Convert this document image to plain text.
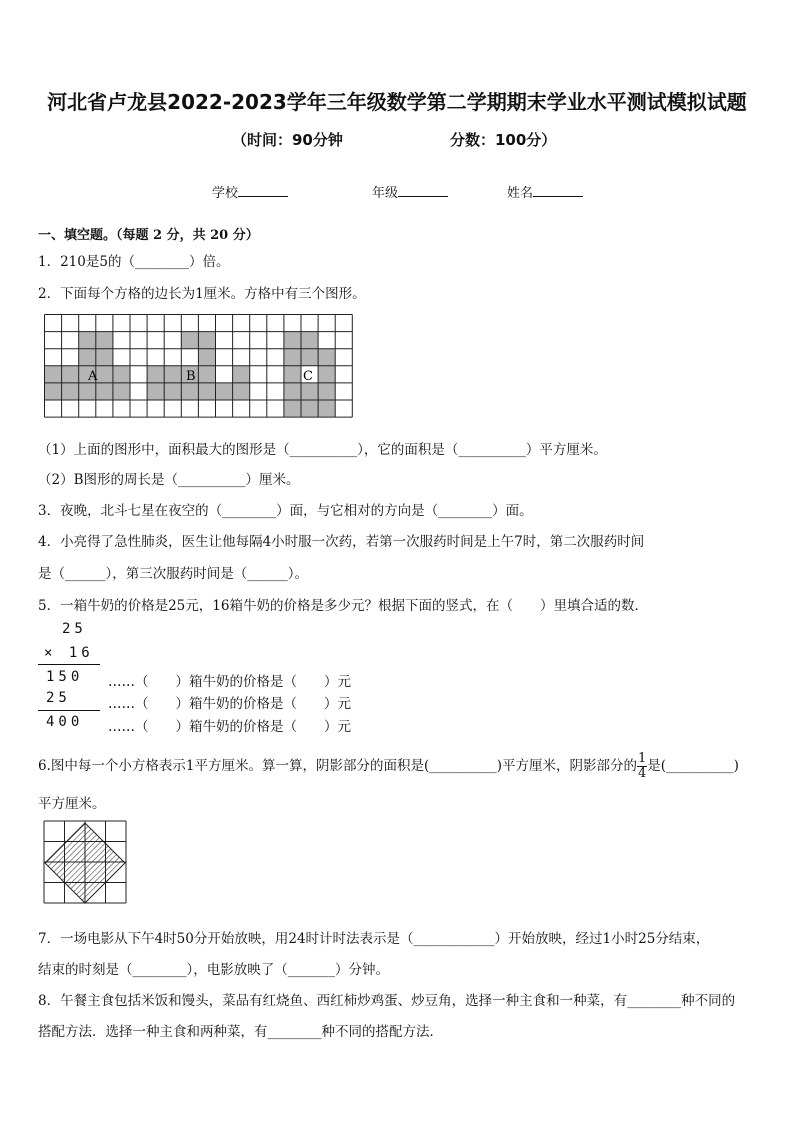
河北省卢龙县2022-2023学年三年级数学第二学期期末学业水平测试模拟试题
（时间：90分钟	分数：100分）
学校	年级	姓名
一、填空题。（每题 2 分，共 20 分）
1．210是5的（________）倍。
2．下面每个方格的边长为1厘米。方格中有三个图形。
A	B	C
（1）上面的图形中，面积最大的图形是（__________），它的面积是（__________）平方厘米。
（2）B图形的周长是（__________）厘米。
3．夜晚，北斗七星在夜空的（________）面，与它相对的方向是（________）面。
4．小亮得了急性肺炎，医生让他每隔4小时服一次药，若第一次服药时间是上午7时，第二次服药时间
是（______），第三次服药时间是（______）。
5．一箱牛奶的价格是25元，16箱牛奶的价格是多少元？根据下面的竖式，在（　　）里填合适的数．
25
× 16
150
25
400
……（　　）箱牛奶的价格是（　　）元
……（　　）箱牛奶的价格是（　　）元
……（　　）箱牛奶的价格是（　　）元
6.图中每一个小方格表示1平方厘米。算一算，阴影部分的面积是(__________)平方厘米，阴影部分的 $\frac{1}{4}$ 是(__________)
平方厘米。
7．一场电影从下午4时50分开始放映，用24时计时法表示是（____________）开始放映，经过1小时25分结束，
结束的时刻是（________），电影放映了（_______）分钟。
8．午餐主食包括米饭和馒头，菜品有红烧鱼、西红柿炒鸡蛋、炒豆角，选择一种主食和一种菜，有________种不同的
搭配方法．选择一种主食和两种菜，有________种不同的搭配方法．
